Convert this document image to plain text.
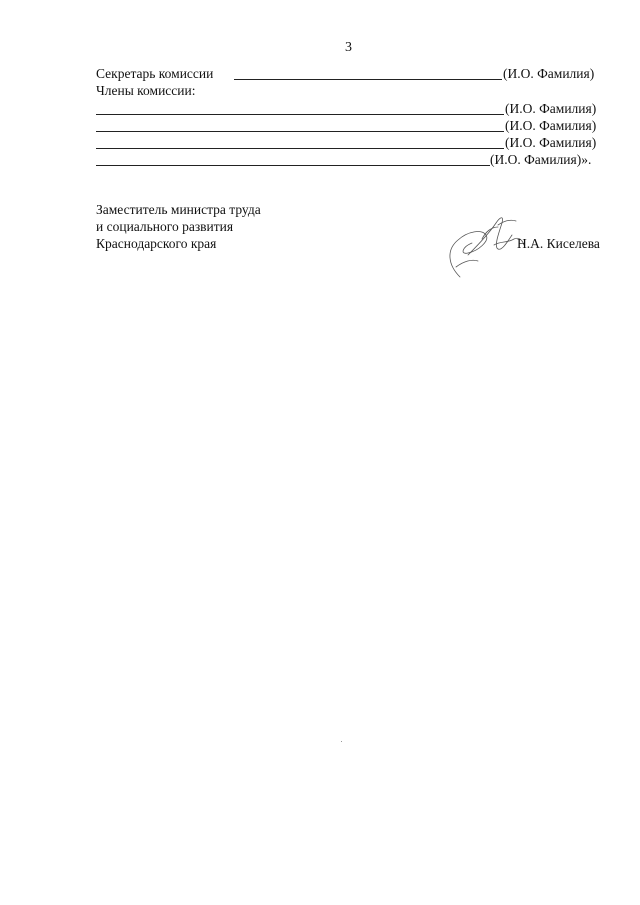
3
Секретарь комиссии	(И.О. Фамилия)
Члены комиссии:
(И.О. Фамилия)
(И.О. Фамилия)
(И.О. Фамилия)
(И.О. Фамилия)».
Заместитель министра труда
и социального развития
Краснодарского края	Н.А. Киселева
